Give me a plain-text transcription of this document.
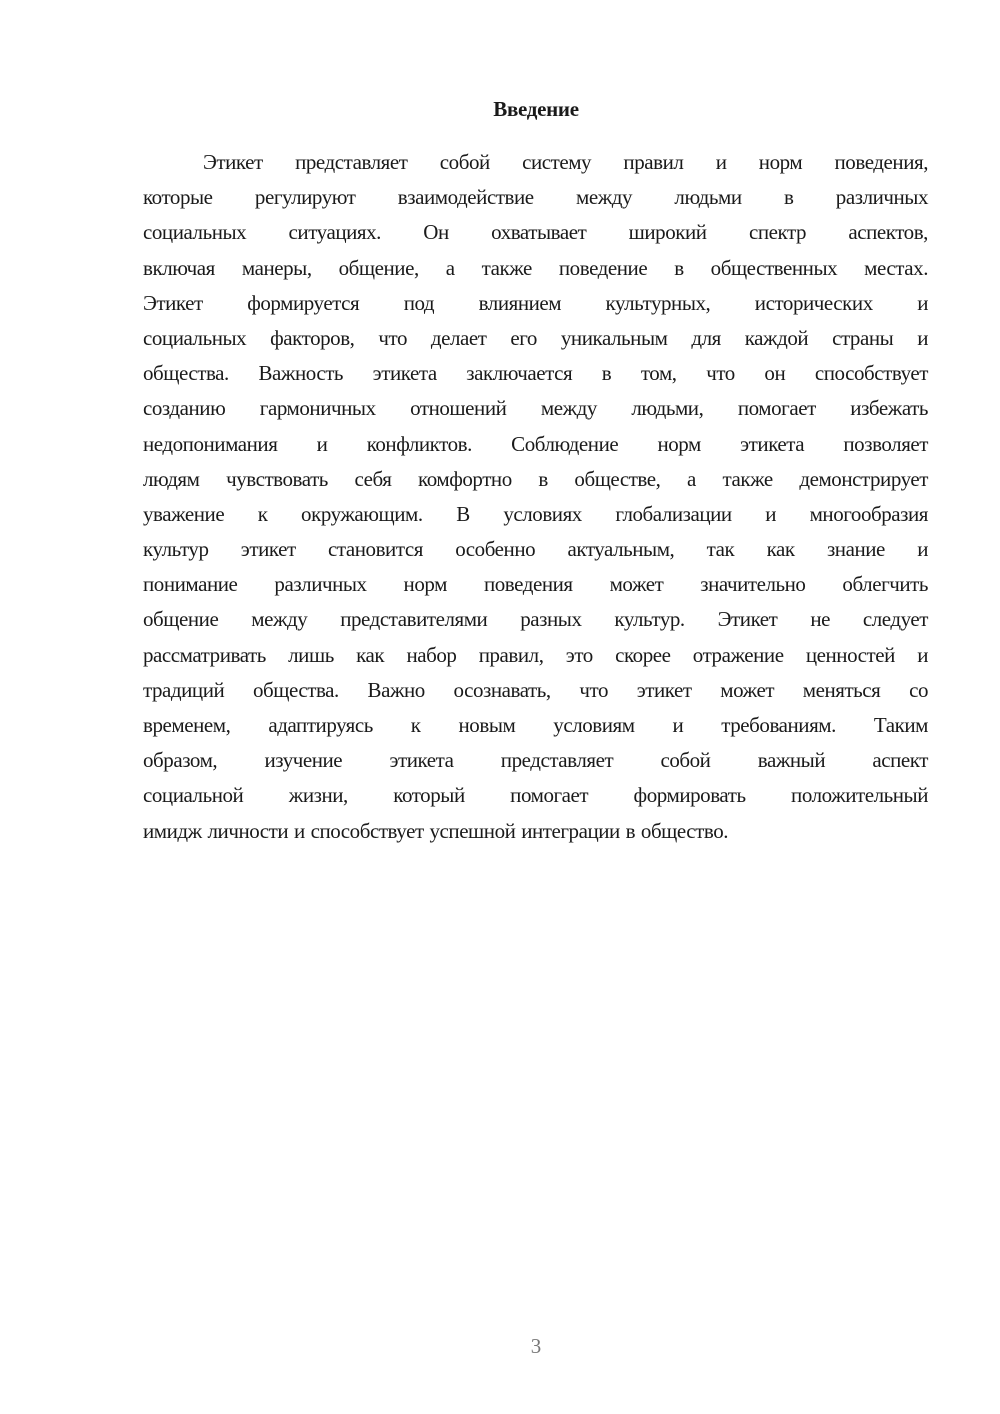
Введение
Этикет представляет собой систему правил и норм поведения,
которые регулируют взаимодействие между людьми в различных
социальных ситуациях. Он охватывает широкий спектр аспектов,
включая манеры, общение, а также поведение в общественных местах.
Этикет формируется под влиянием культурных, исторических и
социальных факторов, что делает его уникальным для каждой страны и
общества. Важность этикета заключается в том, что он способствует
созданию гармоничных отношений между людьми, помогает избежать
недопонимания и конфликтов. Соблюдение норм этикета позволяет
людям чувствовать себя комфортно в обществе, а также демонстрирует
уважение к окружающим. В условиях глобализации и многообразия
культур этикет становится особенно актуальным, так как знание и
понимание различных норм поведения может значительно облегчить
общение между представителями разных культур. Этикет не следует
рассматривать лишь как набор правил, это скорее отражение ценностей и
традиций общества. Важно осознавать, что этикет может меняться со
временем, адаптируясь к новым условиям и требованиям. Таким
образом, изучение этикета представляет собой важный аспект
социальной жизни, который помогает формировать положительный
имидж личности и способствует успешной интеграции в общество.
3
